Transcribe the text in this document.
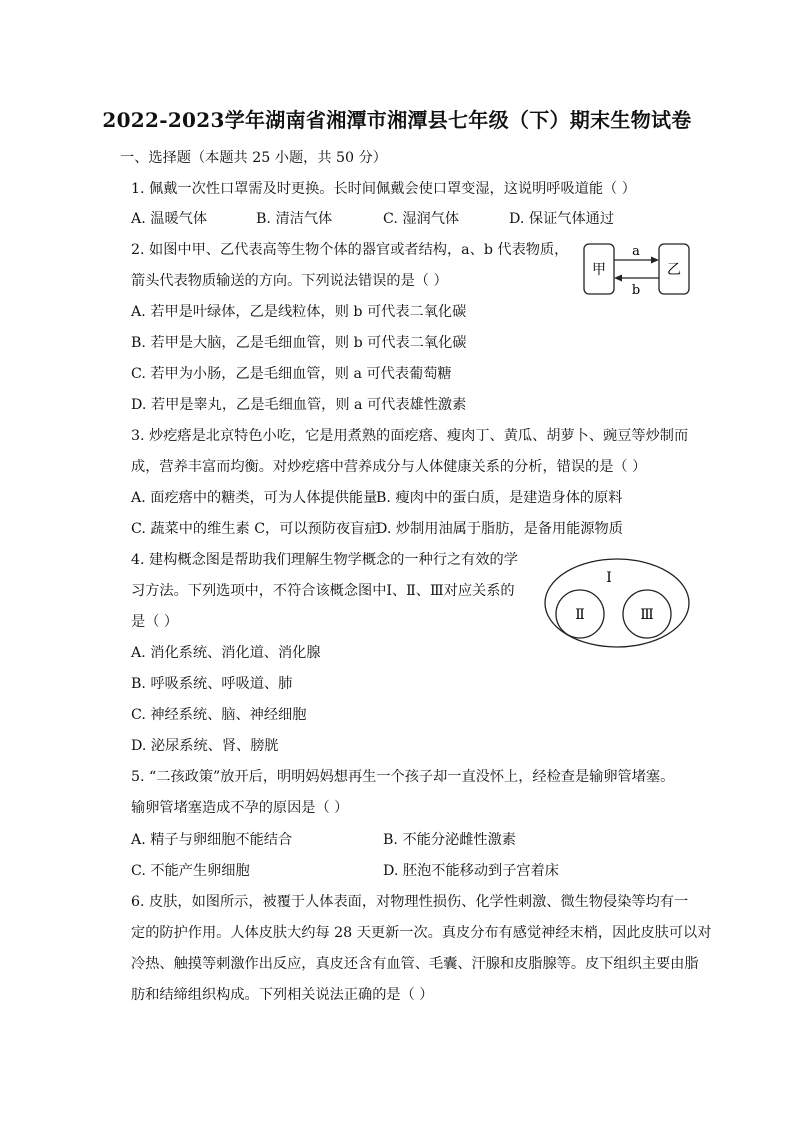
2022-2023学年湖南省湘潭市湘潭县七年级（下）期末生物试卷
一、选择题（本题共 25 小题，共 50 分）
1. 佩戴一次性口罩需及时更换。长时间佩戴会使口罩变湿，这说明呼吸道能（ ）
A. 温暖气体	B. 清洁气体	C. 湿润气体	D. 保证气体通过
2. 如图中甲、乙代表高等生物个体的器官或者结构，a、b 代表物质，
箭头代表物质输送的方向。下列说法错误的是（ ）
甲	乙
a
b
A. 若甲是叶绿体，乙是线粒体，则 b 可代表二氧化碳
B. 若甲是大脑，乙是毛细血管，则 b 可代表二氧化碳
C. 若甲为小肠，乙是毛细血管，则 a 可代表葡萄糖
D. 若甲是睾丸，乙是毛细血管，则 a 可代表雄性激素
3. 炒疙瘩是北京特色小吃，它是用煮熟的面疙瘩、瘦肉丁、黄瓜、胡萝卜、豌豆等炒制而
成，营养丰富而均衡。对炒疙瘩中营养成分与人体健康关系的分析，错误的是（ ）
A. 面疙瘩中的糖类，可为人体提供能量
B. 瘦肉中的蛋白质，是建造身体的原料
C. 蔬菜中的维生素 C，可以预防夜盲症
D. 炒制用油属于脂肪，是备用能源物质
4. 建构概念图是帮助我们理解生物学概念的一种行之有效的学
习方法。下列选项中，不符合该概念图中Ⅰ、Ⅱ、Ⅲ对应关系的
是（ ）
Ⅰ
Ⅱ	Ⅲ
A. 消化系统、消化道、消化腺
B. 呼吸系统、呼吸道、肺
C. 神经系统、脑、神经细胞
D. 泌尿系统、肾、膀胱
5. “二孩政策”放开后，明明妈妈想再生一个孩子却一直没怀上，经检查是输卵管堵塞。
输卵管堵塞造成不孕的原因是（ ）
A. 精子与卵细胞不能结合	B. 不能分泌雌性激素
C. 不能产生卵细胞	D. 胚泡不能移动到子宫着床
6. 皮肤，如图所示，被覆于人体表面，对物理性损伤、化学性刺激、微生物侵染等均有一
定的防护作用。人体皮肤大约每 28 天更新一次。真皮分布有感觉神经末梢，因此皮肤可以对
冷热、触摸等刺激作出反应，真皮还含有血管、毛囊、汗腺和皮脂腺等。皮下组织主要由脂
肪和结缔组织构成。下列相关说法正确的是（ ）
